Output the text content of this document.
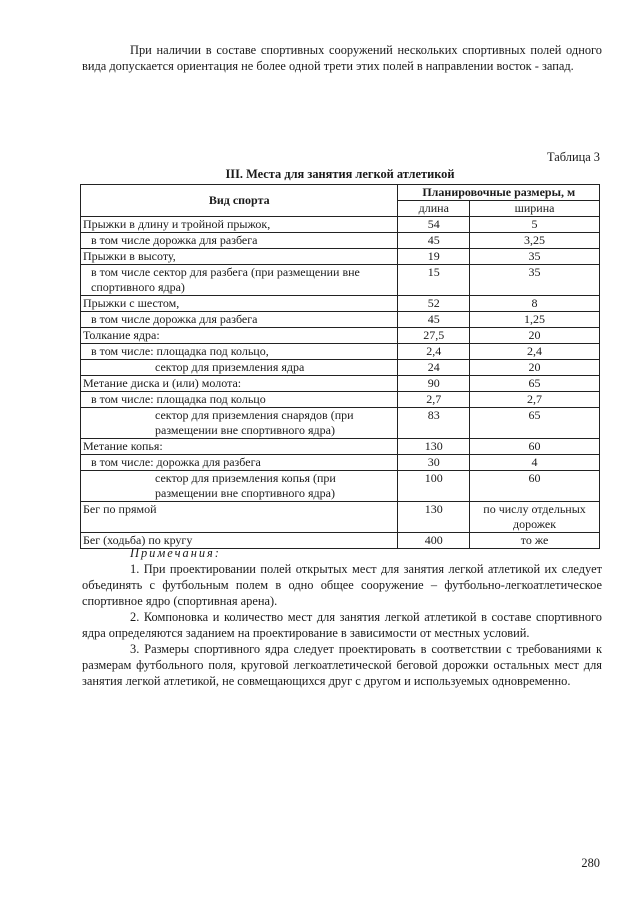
При наличии в составе спортивных сооружений нескольких спортивных полей одного вида допускается ориентация не более одной трети этих полей в направлении восток - запад.
Таблица 3
III. Места для занятия легкой атлетикой
Вид спорта	Планировочные размеры, м	
	длина	ширина
Прыжки в длину и тройной прыжок,	54	5
в том числе дорожка для разбега	45	3,25
Прыжки в высоту,	19	35
в том числе сектор для разбега (при размещении вне спортивного ядра)	15	35
Прыжки с шестом,	52	8
в том числе дорожка для разбега	45	1,25
Толкание ядра:	27,5	20
в том числе: площадка под кольцо,	2,4	2,4
сектор для приземления ядра	24	20
Метание диска и (или) молота:	90	65
в том числе: площадка под кольцо	2,7	2,7
сектор для приземления снарядов (при размещении вне спортивного ядра)	83	65
Метание копья:	130	60
в том числе: дорожка для разбега	30	4
сектор для приземления копья (при размещении вне спортивного ядра)	100	60
Бег по прямой	130	по числу отдельных дорожек
Бег (ходьба) по кругу	400	то же
Примечания:

1. При проектировании полей открытых мест для занятия легкой атлетикой их следует объединять с футбольным полем в одно общее сооружение – футбольно-легкоатлетическое спортивное ядро (спортивная арена).

2. Компоновка и количество мест для занятия легкой атлетикой в составе спортивного ядра определяются заданием на проектирование в зависимости от местных условий.

3. Размеры спортивного ядра следует проектировать в соответствии с требованиями к размерам футбольного поля, круговой легкоатлетической беговой дорожки остальных мест для занятия легкой атлетикой, не совмещающихся друг с другом и используемых одновременно.

280
